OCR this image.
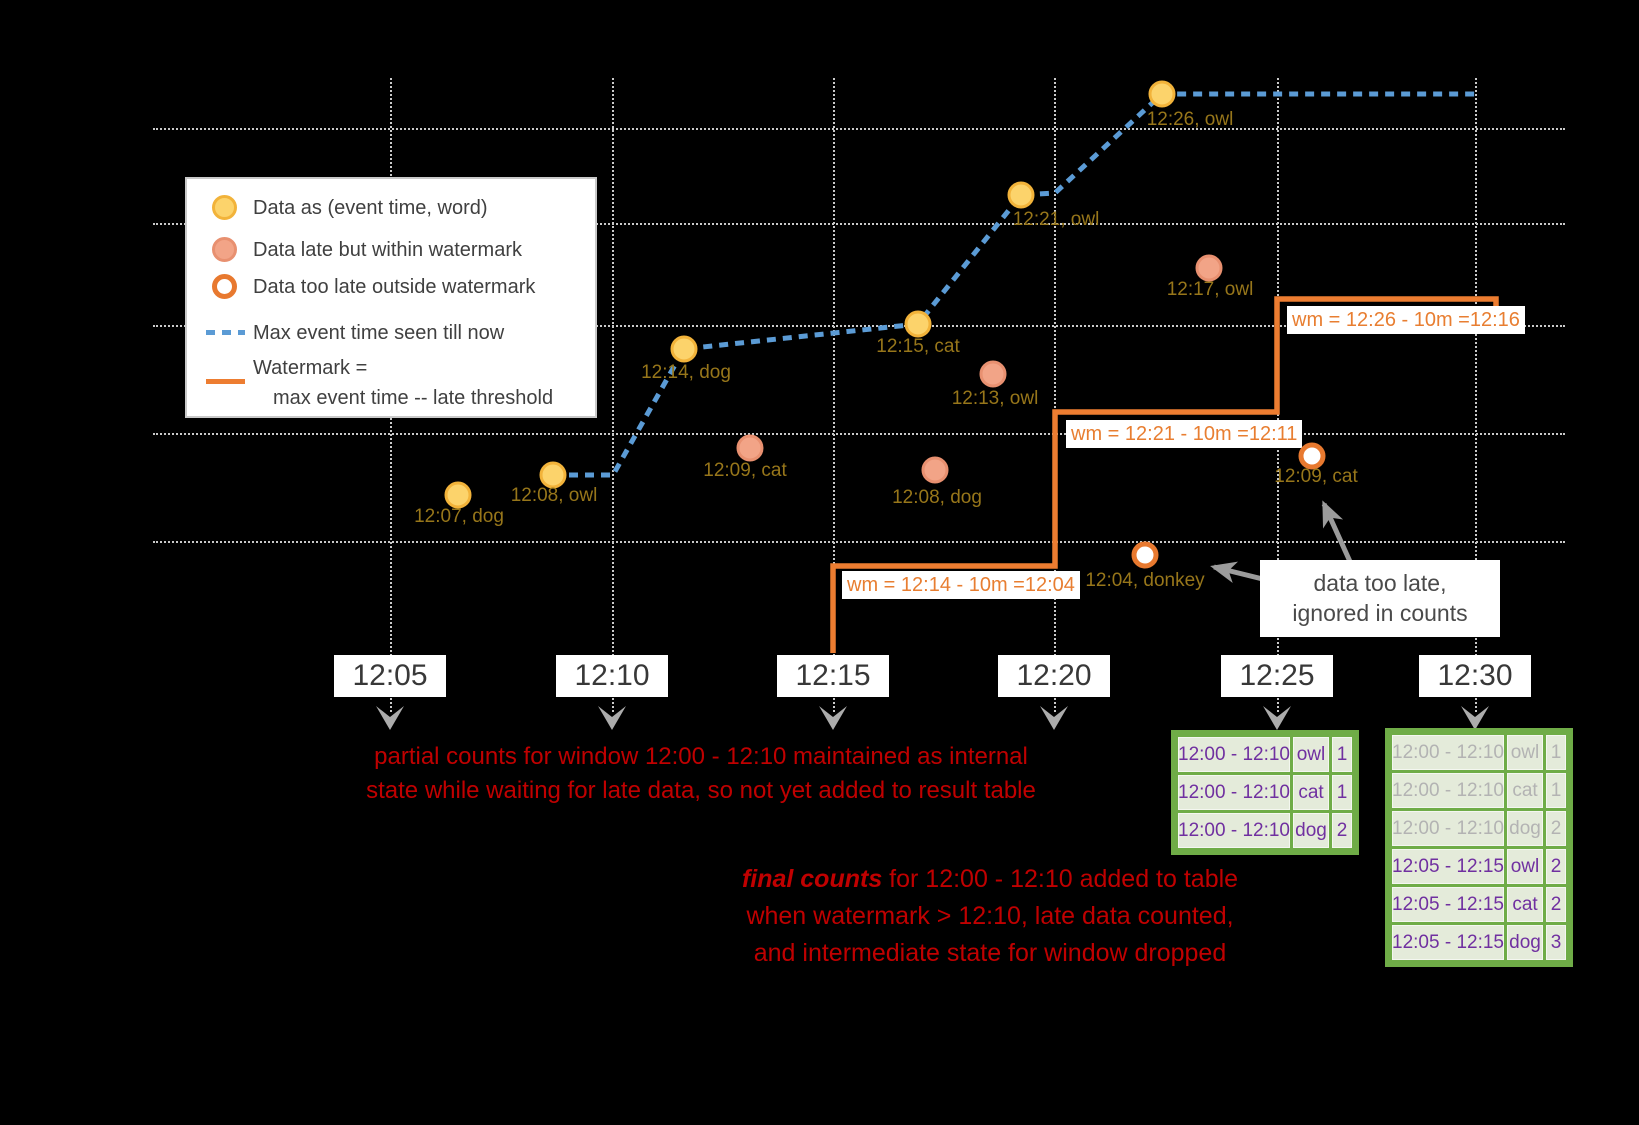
wm = 12:14 - 10m =12:04
wm = 12:21 - 10m =12:11
wm = 12:26 - 10m =12:16
12:07, dog
12:08, owl
12:14, dog
12:15, cat
12:21, owl
12:26, owl
12:09, cat
12:08, dog
12:13, owl
12:17, owl
12:04, donkey
12:09, cat
Data as (event time, word)
Data late but within watermark
Data too late outside watermark
Max event time seen till now
Watermark =
max event time -- late threshold
12:05	12:10	12:15	12:20	12:25	12:30
partial counts for window 12:00 - 12:10 maintained as internal
state while waiting for late data, so not yet added to result table
final counts for 12:00 - 12:10 added to table
when watermark > 12:10, late data counted,
and intermediate state for window dropped
data too late,
ignored in counts
12:00 - 12:10 owl 1
12:00 - 12:10 cat 1
12:00 - 12:10 dog 2
12:00 - 12:10 owl 1
12:00 - 12:10 cat 1
12:00 - 12:10 dog 2
12:05 - 12:15 owl 2
12:05 - 12:15 cat 2
12:05 - 12:15 dog 3
